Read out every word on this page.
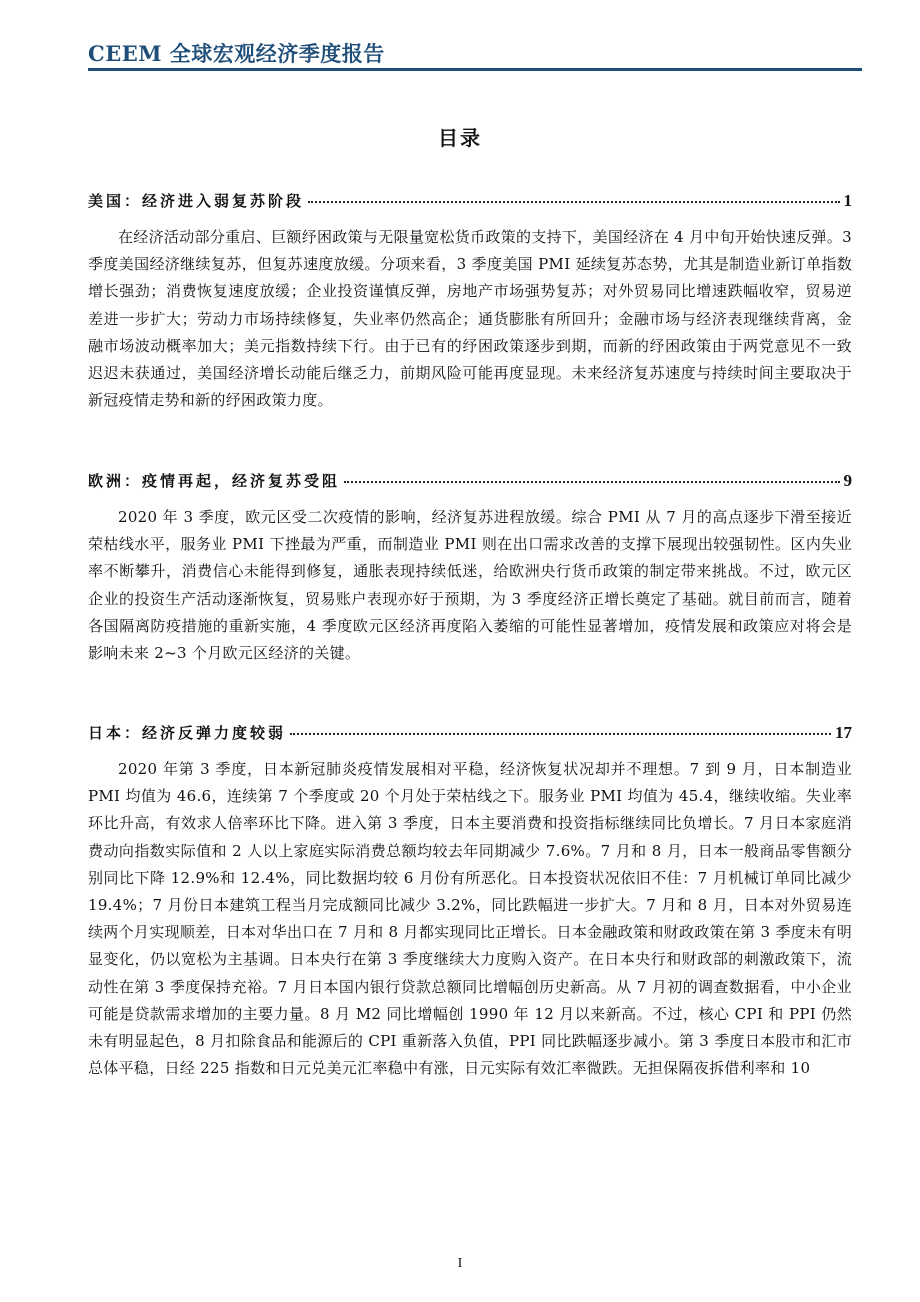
CEEM 全球宏观经济季度报告
目录
美国：经济进入弱复苏阶段	1

在经济活动部分重启、巨额纾困政策与无限量宽松货币政策的支持下，美国经济在 4 月中旬开始快速反弹。3 季度美国经济继续复苏，但复苏速度放缓。分项来看，3 季度美国 PMI 延续复苏态势，尤其是制造业新订单指数增长强劲；消费恢复速度放缓；企业投资谨慎反弹，房地产市场强势复苏；对外贸易同比增速跌幅收窄，贸易逆差进一步扩大；劳动力市场持续修复，失业率仍然高企；通货膨胀有所回升；金融市场与经济表现继续背离，金融市场波动概率加大；美元指数持续下行。由于已有的纾困政策逐步到期，而新的纾困政策由于两党意见不一致迟迟未获通过，美国经济增长动能后继乏力，前期风险可能再度显现。未来经济复苏速度与持续时间主要取决于新冠疫情走势和新的纾困政策力度。

欧洲：疫情再起，经济复苏受阻	9

2020 年 3 季度，欧元区受二次疫情的影响，经济复苏进程放缓。综合 PMI 从 7 月的高点逐步下滑至接近荣枯线水平，服务业 PMI 下挫最为严重，而制造业 PMI 则在出口需求改善的支撑下展现出较强韧性。区内失业率不断攀升，消费信心未能得到修复，通胀表现持续低迷，给欧洲央行货币政策的制定带来挑战。不过，欧元区企业的投资生产活动逐渐恢复，贸易账户表现亦好于预期，为 3 季度经济正增长奠定了基础。就目前而言，随着各国隔离防疫措施的重新实施，4 季度欧元区经济再度陷入萎缩的可能性显著增加，疫情发展和政策应对将会是影响未来 2~3 个月欧元区经济的关键。

日本：经济反弹力度较弱	17

2020 年第 3 季度，日本新冠肺炎疫情发展相对平稳，经济恢复状况却并不理想。7 到 9 月，日本制造业 PMI 均值为 46.6，连续第 7 个季度或 20 个月处于荣枯线之下。服务业 PMI 均值为 45.4，继续收缩。失业率环比升高，有效求人倍率环比下降。进入第 3 季度，日本主要消费和投资指标继续同比负增长。7 月日本家庭消费动向指数实际值和 2 人以上家庭实际消费总额均较去年同期减少 7.6%。7 月和 8 月，日本一般商品零售额分别同比下降 12.9%和 12.4%，同比数据均较 6 月份有所恶化。日本投资状况依旧不佳：7 月机械订单同比减少 19.4%；7 月份日本建筑工程当月完成额同比减少 3.2%，同比跌幅进一步扩大。7 月和 8 月，日本对外贸易连续两个月实现顺差，日本对华出口在 7 月和 8 月都实现同比正增长。日本金融政策和财政政策在第 3 季度未有明显变化，仍以宽松为主基调。日本央行在第 3 季度继续大力度购入资产。在日本央行和财政部的刺激政策下，流动性在第 3 季度保持充裕。7 月日本国内银行贷款总额同比增幅创历史新高。从 7 月初的调查数据看，中小企业可能是贷款需求增加的主要力量。8 月 M2 同比增幅创 1990 年 12 月以来新高。不过，核心 CPI 和 PPI 仍然未有明显起色，8 月扣除食品和能源后的 CPI 重新落入负值，PPI 同比跌幅逐步减小。第 3 季度日本股市和汇市总体平稳，日经 225 指数和日元兑美元汇率稳中有涨，日元实际有效汇率微跌。无担保隔夜拆借利率和 10

I
